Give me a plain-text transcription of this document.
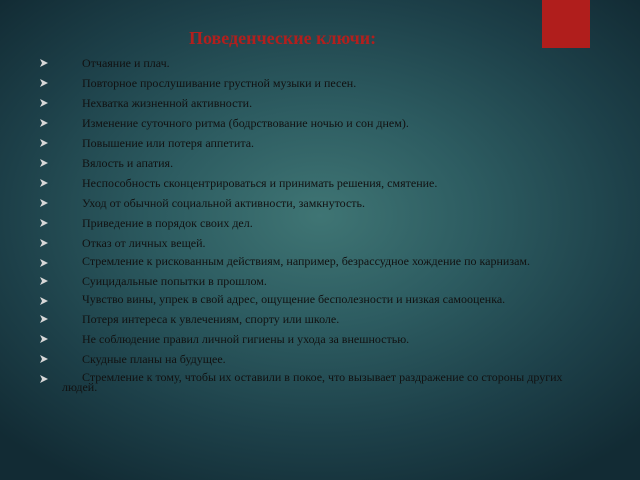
Поведенческие ключи:
Отчаяние и плач.
Повторное прослушивание грустной музыки и песен.
Нехватка жизненной активности.
Изменение суточного ритма (бодрствование ночью и сон днем).
Повышение или потеря аппетита.
Вялость и апатия.
Неспособность сконцентрироваться и принимать решения, смятение.
Уход от обычной социальной активности, замкнутость.
Приведение в порядок своих дел.
Отказ от личных вещей.
Стремление к рискованным действиям, например, безрассудное хождение по карнизам.
Суицидальные попытки в прошлом.
Чувство вины, упрек в свой адрес, ощущение бесполезности и низкая самооценка.
Потеря интереса к увлечениям, спорту или школе.
Не соблюдение правил личной гигиены и ухода за внешностью.
Скудные планы на будущее.
Стремление к тому, чтобы их оставили в покое, что вызывает раздражение со стороны других людей.
